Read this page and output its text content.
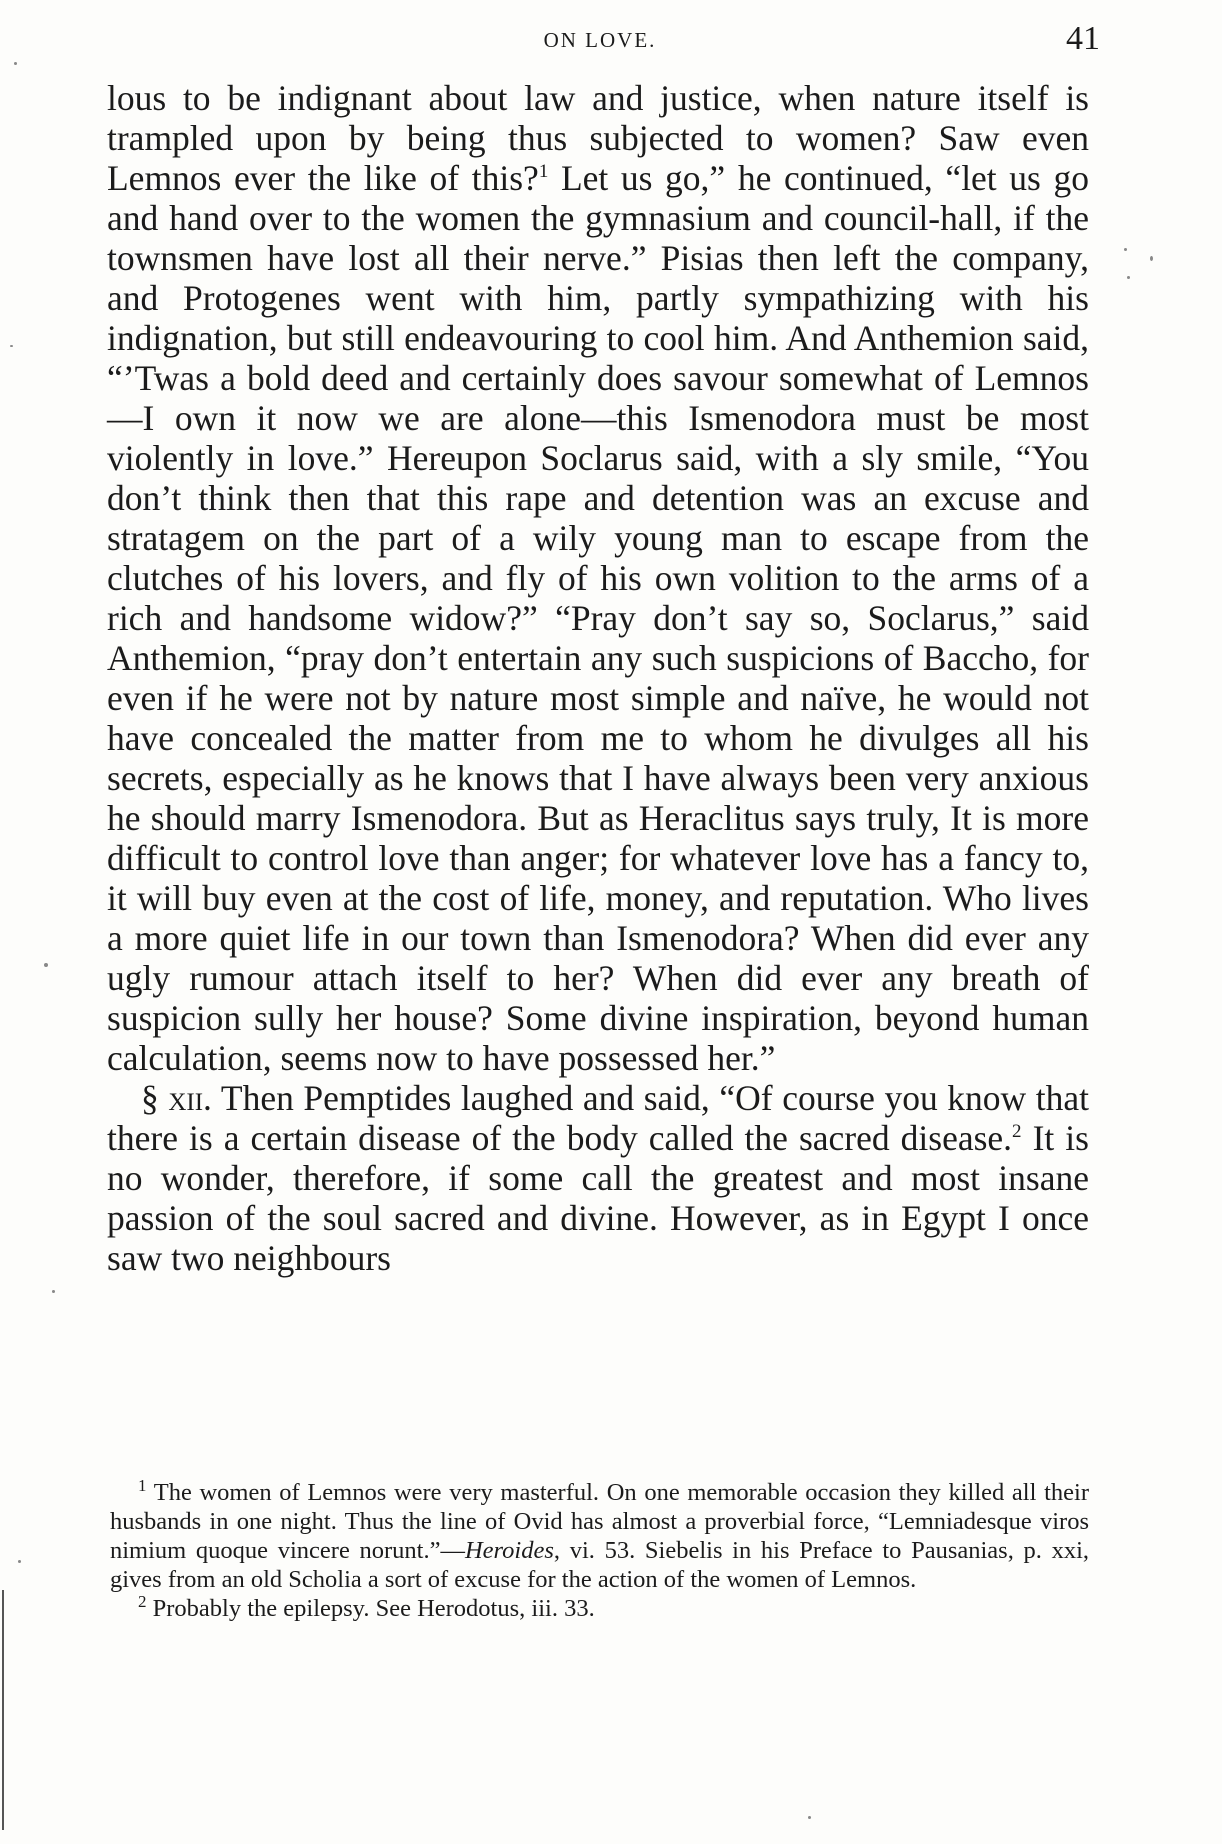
ON LOVE.	41

lous to be indignant about law and justice, when nature itself is trampled upon by being thus subjected to women? Saw even Lemnos ever the like of this?$^1$ Let us go,” he continued, “let us go and hand over to the women the gymnasium and council-hall, if the townsmen have lost all their nerve.” Pisias then left the company, and Protogenes went with him, partly sympathizing with his indignation, but still endeavouring to cool him. And Anthemion said, “’Twas a bold deed and certainly does savour somewhat of Lemnos—I own it now we are alone—this Ismenodora must be most violently in love.” Hereupon Soclarus said, with a sly smile, “You don’t think then that this rape and detention was an excuse and stratagem on the part of a wily young man to escape from the clutches of his lovers, and fly of his own volition to the arms of a rich and handsome widow?” “Pray don’t say so, Soclarus,” said Anthemion, “pray don’t entertain any such suspicions of Baccho, for even if he were not by nature most simple and naïve, he would not have concealed the matter from me to whom he divulges all his secrets, especially as he knows that I have always been very anxious he should marry Ismenodora. But as Heraclitus says truly, It is more difficult to control love than anger; for whatever love has a fancy to, it will buy even at the cost of life, money, and reputation. Who lives a more quiet life in our town than Ismenodora? When did ever any ugly rumour attach itself to her? When did ever any breath of suspicion sully her house? Some divine inspiration, beyond human calculation, seems now to have possessed her.”

§ xii. Then Pemptides laughed and said, “Of course you know that there is a certain disease of the body called the sacred disease.$^2$ It is no wonder, therefore, if some call the greatest and most insane passion of the soul sacred and divine. However, as in Egypt I once saw two neighbours

$^1$ The women of Lemnos were very masterful. On one memorable occasion they killed all their husbands in one night. Thus the line of Ovid has almost a proverbial force, “Lemniadesque viros nimium quoque vincere norunt.”—Heroides, vi. 53. Siebelis in his Preface to Pausanias, p. xxi, gives from an old Scholia a sort of excuse for the action of the women of Lemnos.

$^2$ Probably the epilepsy. See Herodotus, iii. 33.
